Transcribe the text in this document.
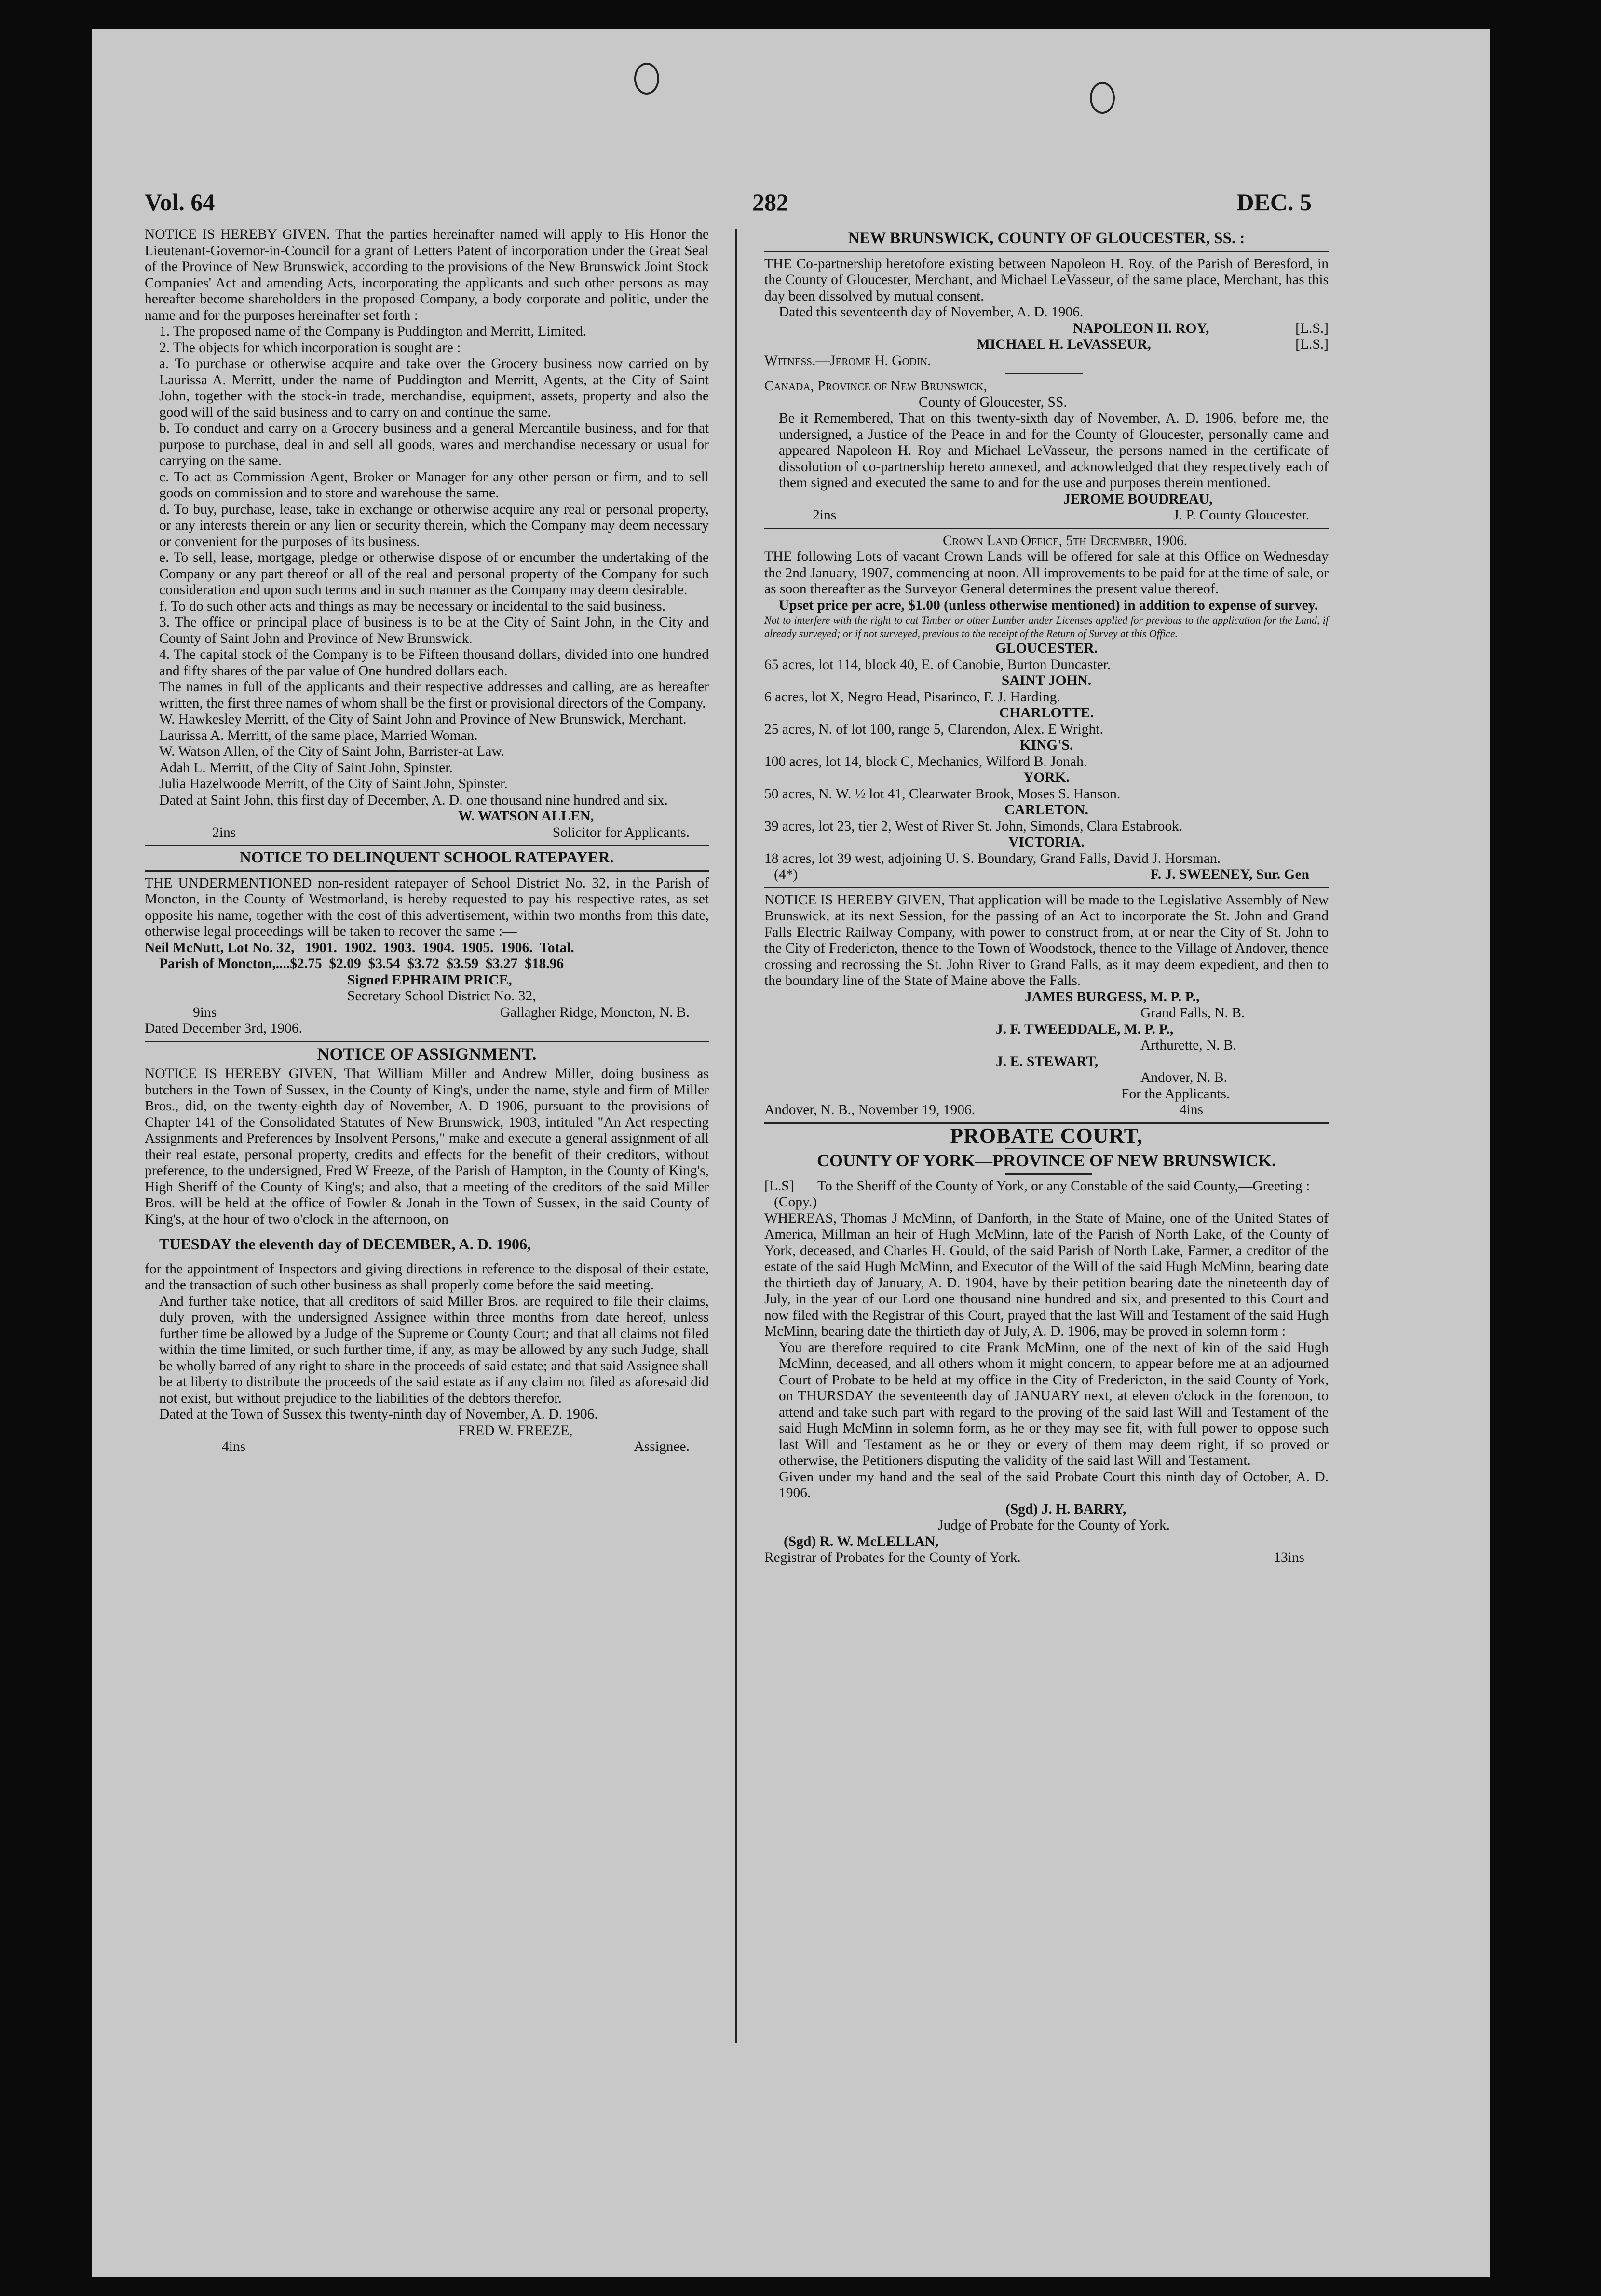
Vol. 64	282	DEC. 5

NOTICE IS HEREBY GIVEN. That the parties hereinafter named will apply to His Honor the Lieutenant-Governor-in-Council for a grant of Letters Patent of incorporation under the Great Seal of the Province of New Brunswick, according to the provisions of the New Brunswick Joint Stock Companies' Act and amending Acts, incorporating the applicants and such other persons as may hereafter become shareholders in the proposed Company, a body corporate and politic, under the name and for the purposes hereinafter set forth :

1. The proposed name of the Company is Puddington and Merritt, Limited.

2. The objects for which incorporation is sought are :

a. To purchase or otherwise acquire and take over the Grocery business now carried on by Laurissa A. Merritt, under the name of Puddington and Merritt, Agents, at the City of Saint John, together with the stock-in trade, merchandise, equipment, assets, property and also the good will of the said business and to carry on and continue the same.

b. To conduct and carry on a Grocery business and a general Mercantile business, and for that purpose to purchase, deal in and sell all goods, wares and merchandise necessary or usual for carrying on the same.

c. To act as Commission Agent, Broker or Manager for any other person or firm, and to sell goods on commission and to store and warehouse the same.

d. To buy, purchase, lease, take in exchange or otherwise acquire any real or personal property, or any interests therein or any lien or security therein, which the Company may deem necessary or convenient for the purposes of its business.

e. To sell, lease, mortgage, pledge or otherwise dispose of or encumber the undertaking of the Company or any part thereof or all of the real and personal property of the Company for such consideration and upon such terms and in such manner as the Company may deem desirable.

f. To do such other acts and things as may be necessary or incidental to the said business.

3. The office or principal place of business is to be at the City of Saint John, in the City and County of Saint John and Province of New Brunswick.

4. The capital stock of the Company is to be Fifteen thousand dollars, divided into one hundred and fifty shares of the par value of One hundred dollars each.

The names in full of the applicants and their respective addresses and calling, are as hereafter written, the first three names of whom shall be the first or provisional directors of the Company.

W. Hawkesley Merritt, of the City of Saint John and Province of New Brunswick, Merchant.

Laurissa A. Merritt, of the same place, Married Woman.

W. Watson Allen, of the City of Saint John, Barrister-at Law.

Adah L. Merritt, of the City of Saint John, Spinster.

Julia Hazelwoode Merritt, of the City of Saint John, Spinster.

Dated at Saint John, this first day of December, A. D. one thousand nine hundred and six.

W. WATSON ALLEN,

2ins	Solicitor for Applicants.
NOTICE TO DELINQUENT SCHOOL RATEPAYER.

THE UNDERMENTIONED non-resident ratepayer of School District No. 32, in the Parish of Moncton, in the County of Westmorland, is hereby requested to pay his respective rates, as set opposite his name, together with the cost of this advertisement, within two months from this date, otherwise legal proceedings will be taken to recover the same :—

Neil McNutt, Lot No. 32,   1901.  1902.  1903.  1904.  1905.  1906.  Total.

Parish of Moncton,....$2.75  $2.09  $3.54  $3.72  $3.59  $3.27  $18.96

Signed EPHRAIM PRICE,

Secretary School District No. 32,

9ins	Gallagher Ridge, Moncton, N. B.

Dated December 3rd, 1906.

NOTICE OF ASSIGNMENT.

NOTICE IS HEREBY GIVEN, That William Miller and Andrew Miller, doing business as butchers in the Town of Sussex, in the County of King's, under the name, style and firm of Miller Bros., did, on the twenty-eighth day of November, A. D 1906, pursuant to the provisions of Chapter 141 of the Consolidated Statutes of New Brunswick, 1903, intituled "An Act respecting Assignments and Preferences by Insolvent Persons," make and execute a general assignment of all their real estate, personal property, credits and effects for the benefit of their creditors, without preference, to the undersigned, Fred W Freeze, of the Parish of Hampton, in the County of King's, High Sheriff of the County of King's; and also, that a meeting of the creditors of the said Miller Bros. will be held at the office of Fowler & Jonah in the Town of Sussex, in the said County of King's, at the hour of two o'clock in the afternoon, on

TUESDAY the eleventh day of DECEMBER, A. D. 1906,

for the appointment of Inspectors and giving directions in reference to the disposal of their estate, and the transaction of such other business as shall properly come before the said meeting.

And further take notice, that all creditors of said Miller Bros. are required to file their claims, duly proven, with the undersigned Assignee within three months from date hereof, unless further time be allowed by a Judge of the Supreme or County Court; and that all claims not filed within the time limited, or such further time, if any, as may be allowed by any such Judge, shall be wholly barred of any right to share in the proceeds of said estate; and that said Assignee shall be at liberty to distribute the proceeds of the said estate as if any claim not filed as aforesaid did not exist, but without prejudice to the liabilities of the debtors therefor.

Dated at the Town of Sussex this twenty-ninth day of November, A. D. 1906.

FRED W. FREEZE,

4ins	Assignee.
NEW BRUNSWICK, COUNTY OF GLOUCESTER, SS. :

THE Co-partnership heretofore existing between Napoleon H. Roy, of the Parish of Beresford, in the County of Gloucester, Merchant, and Michael LeVasseur, of the same place, Merchant, has this day been dissolved by mutual consent.

Dated this seventeenth day of November, A. D. 1906.

NAPOLEON H. ROY,	[L.S.]
MICHAEL H. LeVASSEUR,	[L.S.]

Witness.—Jerome H. Godin.

Canada, Province of New Brunswick,

County of Gloucester, SS.

Be it Remembered, That on this twenty-sixth day of November, A. D. 1906, before me, the undersigned, a Justice of the Peace in and for the County of Gloucester, personally came and appeared Napoleon H. Roy and Michael LeVasseur, the persons named in the certificate of dissolution of co-partnership hereto annexed, and acknowledged that they respectively each of them signed and executed the same to and for the use and purposes therein mentioned.

JEROME BOUDREAU,

2ins	J. P. County Gloucester.

Crown Land Office, 5th December, 1906.

THE following Lots of vacant Crown Lands will be offered for sale at this Office on Wednesday the 2nd January, 1907, commencing at noon. All improvements to be paid for at the time of sale, or as soon thereafter as the Surveyor General determines the present value thereof.

Upset price per acre, $1.00 (unless otherwise mentioned) in addition to expense of survey.

Not to interfere with the right to cut Timber or other Lumber under Licenses applied for previous to the application for the Land, if already surveyed; or if not surveyed, previous to the receipt of the Return of Survey at this Office.

GLOUCESTER.

65 acres, lot 114, block 40, E. of Canobie, Burton Duncaster.

SAINT JOHN.

6 acres, lot X, Negro Head, Pisarinco, F. J. Harding.

CHARLOTTE.

25 acres, N. of lot 100, range 5, Clarendon, Alex. E Wright.

KING'S.

100 acres, lot 14, block C, Mechanics, Wilford B. Jonah.

YORK.

50 acres, N. W. ½ lot 41, Clearwater Brook, Moses S. Hanson.

CARLETON.

39 acres, lot 23, tier 2, West of River St. John, Simonds, Clara Estabrook.

VICTORIA.

18 acres, lot 39 west, adjoining U. S. Boundary, Grand Falls, David J. Horsman.

(4*)	F. J. SWEENEY, Sur. Gen

NOTICE IS HEREBY GIVEN, That application will be made to the Legislative Assembly of New Brunswick, at its next Session, for the passing of an Act to incorporate the St. John and Grand Falls Electric Railway Company, with power to construct from, at or near the City of St. John to the City of Fredericton, thence to the Town of Woodstock, thence to the Village of Andover, thence crossing and recrossing the St. John River to Grand Falls, as it may deem expedient, and then to the boundary line of the State of Maine above the Falls.

JAMES BURGESS, M. P. P.,

Grand Falls, N. B.

J. F. TWEEDDALE, M. P. P.,

Arthurette, N. B.

J. E. STEWART,

Andover, N. B.

For the Applicants.

Andover, N. B., November 19, 1906.	4ins
PROBATE COURT,
COUNTY OF YORK—PROVINCE OF NEW BRUNSWICK.
[L.S]
(Copy.)

To the Sheriff of the County of York, or any Constable of the said County,—Greeting :

WHEREAS, Thomas J McMinn, of Danforth, in the State of Maine, one of the United States of America, Millman an heir of Hugh McMinn, late of the Parish of North Lake, of the County of York, deceased, and Charles H. Gould, of the said Parish of North Lake, Farmer, a creditor of the estate of the said Hugh McMinn, and Executor of the Will of the said Hugh McMinn, bearing date the thirtieth day of January, A. D. 1904, have by their petition bearing date the nineteenth day of July, in the year of our Lord one thousand nine hundred and six, and presented to this Court and now filed with the Registrar of this Court, prayed that the last Will and Testament of the said Hugh McMinn, bearing date the thirtieth day of July, A. D. 1906, may be proved in solemn form :

You are therefore required to cite Frank McMinn, one of the next of kin of the said Hugh McMinn, deceased, and all others whom it might concern, to appear before me at an adjourned Court of Probate to be held at my office in the City of Fredericton, in the said County of York, on THURSDAY the seventeenth day of JANUARY next, at eleven o'clock in the forenoon, to attend and take such part with regard to the proving of the said last Will and Testament of the said Hugh McMinn in solemn form, as he or they may see fit, with full power to oppose such last Will and Testament as he or they or every of them may deem right, if so proved or otherwise, the Petitioners disputing the validity of the said last Will and Testament.

Given under my hand and the seal of the said Probate Court this ninth day of October, A. D. 1906.

(Sgd) J. H. BARRY,

Judge of Probate for the County of York.

(Sgd) R. W. McLELLAN,

Registrar of Probates for the County of York.	13ins
